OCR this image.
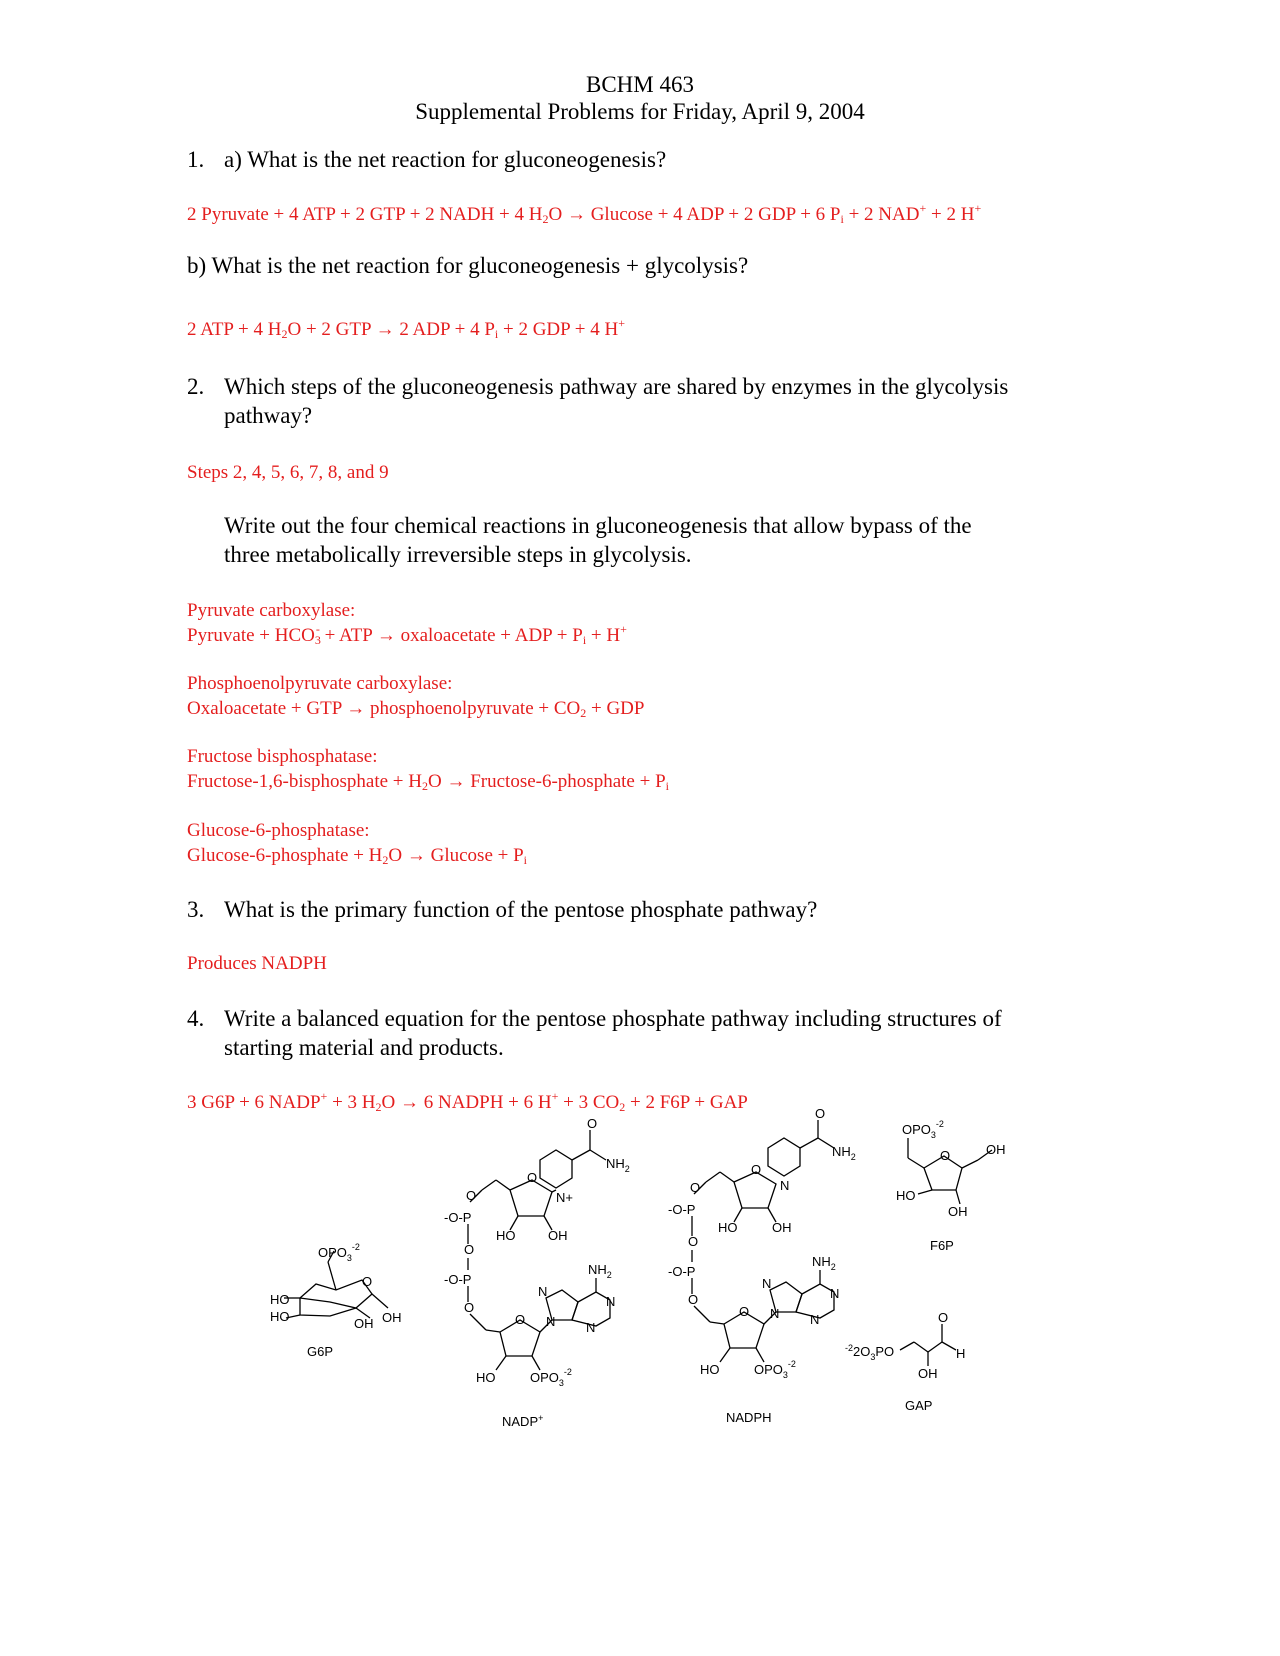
BCHM 463
Supplemental Problems for Friday, April 9, 2004
1. a) What is the net reaction for gluconeogenesis?
2 Pyruvate + 4 ATP + 2 GTP + 2 NADH + 4 $H_2O \to Glucose + 4$ ADP + 2 GDP + 6 $P_i + 2$ NAD+ + 2 H+
b) What is the net reaction for gluconeogenesis + glycolysis?
2 ATP + 4 $H_2O + 2$ GTP → 2 ADP + 4 $P_i + 2$ GDP + 4 H+
2. Which steps of the gluconeogenesis pathway are shared by enzymes in the glycolysis
pathway?
Steps 2, 4, 5, 6, 7, 8, and 9
Write out the four chemical reactions in gluconeogenesis that allow bypass of the
three metabolically irreversible steps in glycolysis.
Pyruvate carboxylase:
Pyruvate + $HCO_3^-$ + ATP → oxaloacetate + ADP + $P_i + H^+$
Phosphoenolpyruvate carboxylase:
Oxaloacetate + GTP → phosphoenolpyruvate + $CO_2$ + GDP
Fructose bisphosphatase:
Fructose-1,6-bisphosphate + $H_2O$ → Fructose-6-phosphate + $P_i$
Glucose-6-phosphatase:
Glucose-6-phosphate + $H_2O \to Glucose + P_i$
3. What is the primary function of the pentose phosphate pathway?
Produces NADPH
4. Write a balanced equation for the pentose phosphate pathway including structures of
starting material and products.
3 G6P + 6 NADP+ + 3 $H_2O \to 6$ NADPH + 6 H+ + 3 $CO_2 + 2$ F6P + GAP
$OPO_3^{-2}$
O
HO
HO	OH OH
G6P
O
$NH_2$
N+
O
HO	OH
O
-O-P
O
-O-P
O
O
HO	$OPO_3^{-2}$
$NH_2$
N
N
N
N
NADP+
O
$NH_2$
N
O
HO	OH
O
-O-P
O
-O-P
O
O
HO	$OPO_3^{-2}$
$NH_2$
N
N
N
N
NADPH
$OPO_3^{-2}$
O	OH
HO
OH
F6P
$^{-2}2O_3PO$
O
H
OH
GAP
